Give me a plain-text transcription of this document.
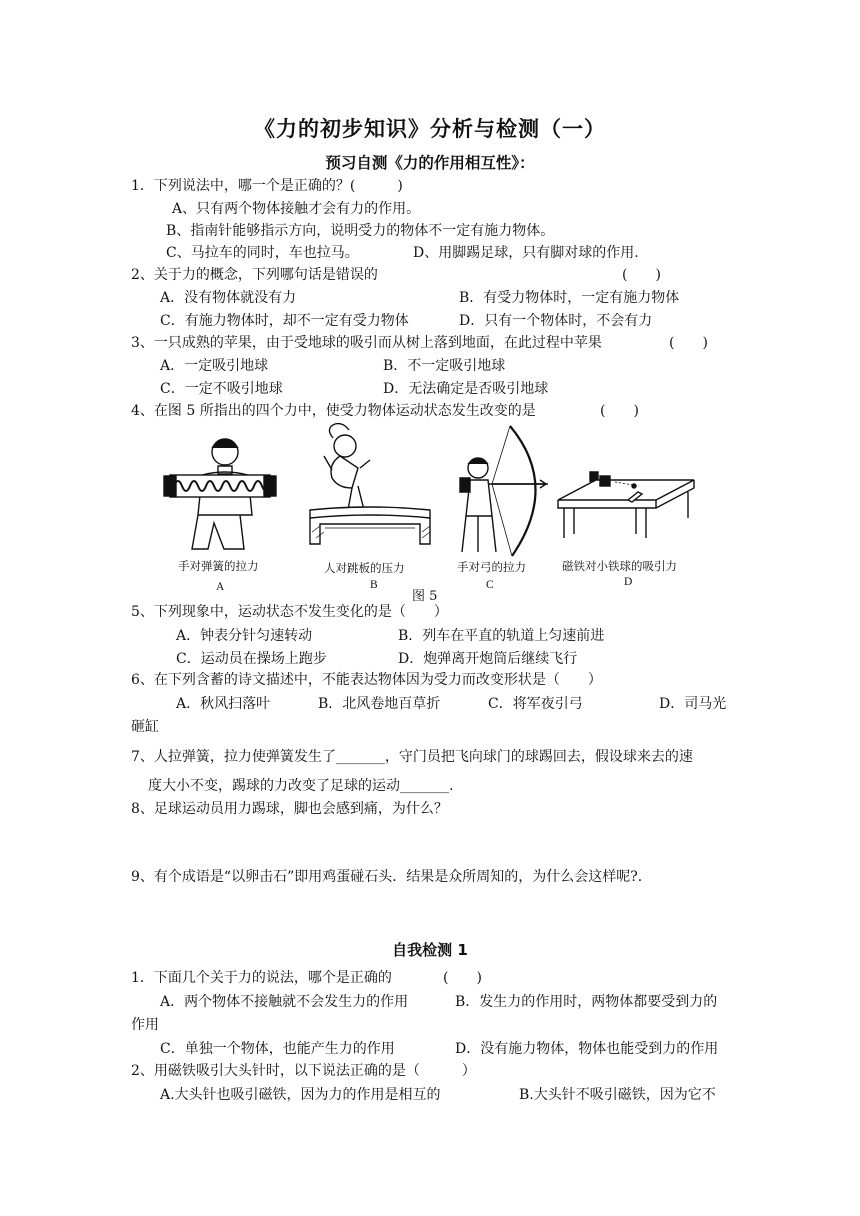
《力的初步知识》分析与检测（一）
预习自测《力的作用相互性》：
1．下列说法中，哪一个是正确的？(　　　)
A、只有两个物体接触才会有力的作用。
B、指南针能够指示方向，说明受力的物体不一定有施力物体。
C、马拉车的同时，车也拉马。	D、用脚踢足球，只有脚对球的作用.
2、关于力的概念，下列哪句话是错误的	(　　)
A．没有物体就没有力	B．有受力物体时，一定有施力物体
C．有施力物体时，却不一定有受力物体	D．只有一个物体时，不会有力
3、一只成熟的苹果，由于受地球的吸引而从树上落到地面，在此过程中苹果	(　　)
A．一定吸引地球	B．不一定吸引地球
C．一定不吸引地球	D．无法确定是否吸引地球
4、在图 5 所指出的四个力中，使受力物体运动状态发生改变的是	(　　)
手对弹簧的拉力	人对跳板的压力	手对弓的拉力	磁铁对小铁球的吸引力
A	B	C	D
图 5
5、下列现象中，运动状态不发生变化的是（　　）
A．钟表分针匀速转动	B．列车在平直的轨道上匀速前进
C．运动员在操场上跑步	D．炮弹离开炮筒后继续飞行
6、在下列含蓄的诗文描述中，不能表达物体因为受力而改变形状是（　　）
A．秋风扫落叶	B．北风卷地百草折	C．将军夜引弓	D．司马光
砸缸
7、人拉弹簧，拉力使弹簧发生了_______，守门员把飞向球门的球踢回去，假设球来去的速
度大小不变，踢球的力改变了足球的运动_______.
8、足球运动员用力踢球，脚也会感到痛，为什么？
9、有个成语是“以卵击石”即用鸡蛋碰石头．结果是众所周知的，为什么会这样呢?.
自我检测 1
1．下面几个关于力的说法，哪个是正确的	(　　)
A．两个物体不接触就不会发生力的作用	B．发生力的作用时，两物体都要受到力的
作用
C．单独一个物体，也能产生力的作用	D．没有施力物体，物体也能受到力的作用
2、用磁铁吸引大头针时，以下说法正确的是（　　　）
A.大头针也吸引磁铁，因为力的作用是相互的	B.大头针不吸引磁铁，因为它不
